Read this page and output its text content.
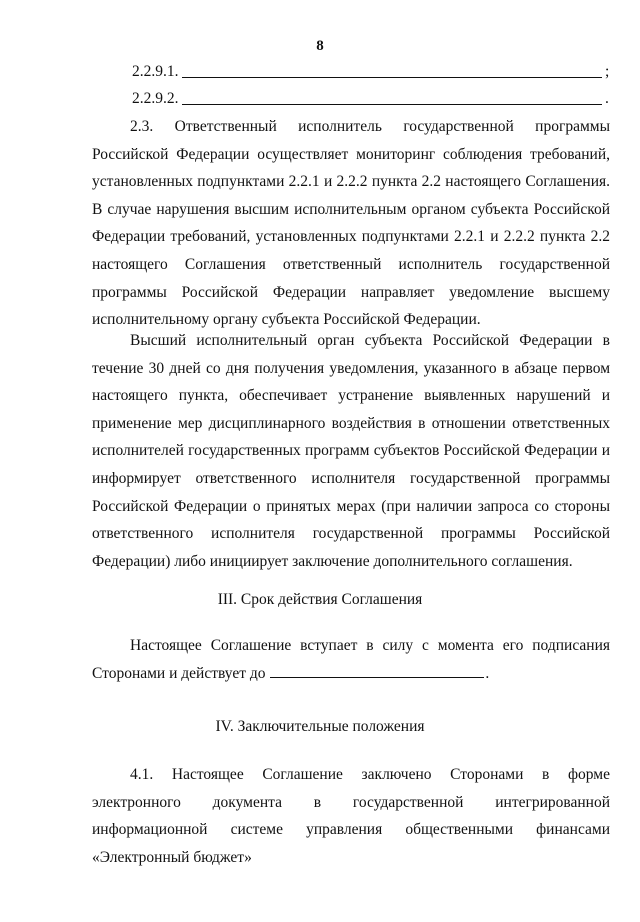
8
2.2.9.1.	;
2.2.9.2.	.

2.3. Ответственный исполнитель государственной программы Российской Федерации осуществляет мониторинг соблюдения требований, установленных подпунктами 2.2.1 и 2.2.2 пункта 2.2 настоящего Соглашения. В случае нарушения высшим исполнительным органом субъекта Российской Федерации требований, установленных подпунктами 2.2.1 и 2.2.2 пункта 2.2 настоящего Соглашения ответственный исполнитель государственной программы Российской Федерации направляет уведомление высшему исполнительному органу субъекта Российской Федерации.

Высший исполнительный орган субъекта Российской Федерации в течение 30 дней со дня получения уведомления, указанного в абзаце первом настоящего пункта, обеспечивает устранение выявленных нарушений и применение мер дисциплинарного воздействия в отношении ответственных исполнителей государственных программ субъектов Российской Федерации и информирует ответственного исполнителя государственной программы Российской Федерации о принятых мерах (при наличии запроса со стороны ответственного исполнителя государственной программы Российской Федерации) либо инициирует заключение дополнительного соглашения.

III. Срок действия Соглашения

Настоящее Соглашение вступает в силу с момента его подписания Сторонами и действует до	.

IV. Заключительные положения

4.1. Настоящее Соглашение заключено Сторонами в форме электронного документа в государственной интегрированной информационной системе управления общественными финансами «Электронный бюджет»
